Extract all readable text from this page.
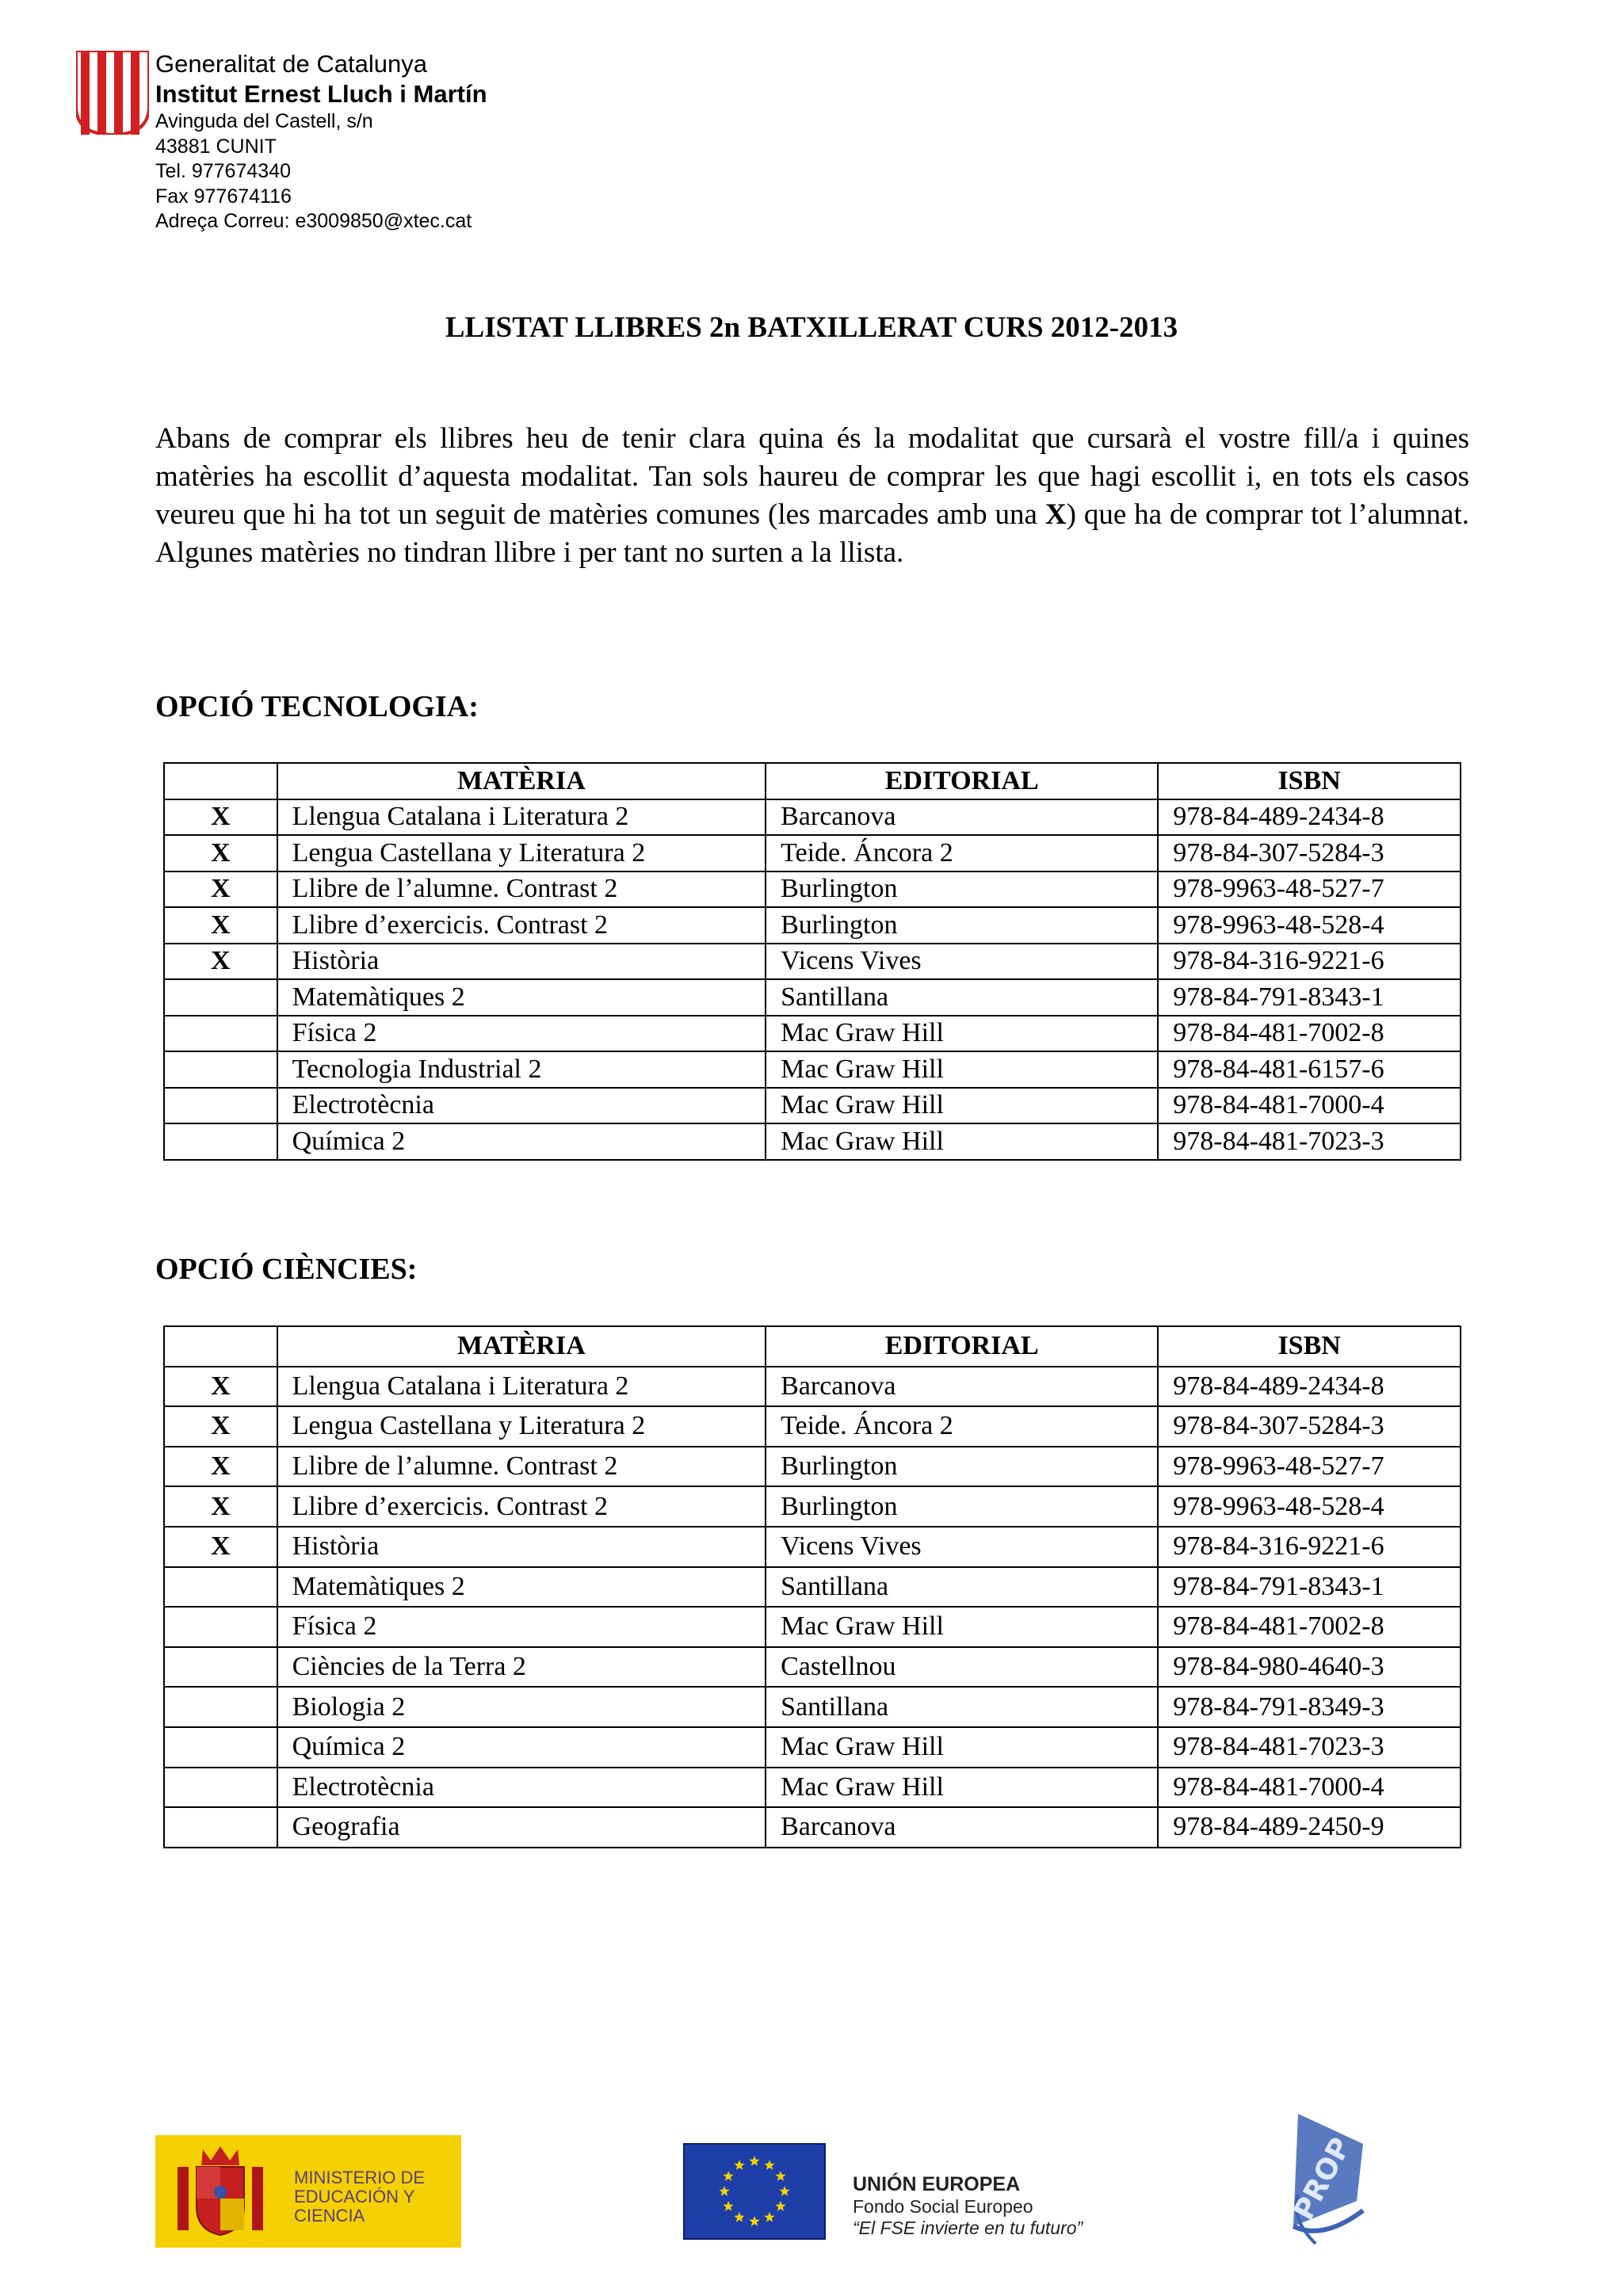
Generalitat de Catalunya
Institut Ernest Lluch i Martín
Avinguda del Castell, s/n
43881 CUNIT
Tel. 977674340
Fax 977674116
Adreça Correu: e3009850@xtec.cat
LLISTAT LLIBRES 2n BATXILLERAT CURS 2012-2013

Abans de comprar els llibres heu de tenir clara quina és la modalitat que cursarà el vostre fill/a i quines matèries ha escollit d’aquesta modalitat. Tan sols haureu de comprar les que hagi escollit i, en tots els casos veureu que hi ha tot un seguit de matèries comunes (les marcades amb una X) que ha de comprar tot l’alumnat. Algunes matèries no tindran llibre i per tant no surten a la llista.

OPCIÓ TECNOLOGIA:
	MATÈRIA	EDITORIAL	ISBN
X	Llengua Catalana i Literatura 2	Barcanova	978-84-489-2434-8
X	Lengua Castellana y Literatura 2	Teide. Áncora 2	978-84-307-5284-3
X	Llibre de l’alumne. Contrast 2	Burlington	978-9963-48-527-7
X	Llibre d’exercicis. Contrast 2	Burlington	978-9963-48-528-4
X	Història	Vicens Vives	978-84-316-9221-6
	Matemàtiques 2	Santillana	978-84-791-8343-1
	Física 2	Mac Graw Hill	978-84-481-7002-8
	Tecnologia Industrial 2	Mac Graw Hill	978-84-481-6157-6
	Electrotècnia	Mac Graw Hill	978-84-481-7000-4
	Química 2	Mac Graw Hill	978-84-481-7023-3
OPCIÓ CIÈNCIES:
	MATÈRIA	EDITORIAL	ISBN
X	Llengua Catalana i Literatura 2	Barcanova	978-84-489-2434-8
X	Lengua Castellana y Literatura 2	Teide. Áncora 2	978-84-307-5284-3
X	Llibre de l’alumne. Contrast 2	Burlington	978-9963-48-527-7
X	Llibre d’exercicis. Contrast 2	Burlington	978-9963-48-528-4
X	Història	Vicens Vives	978-84-316-9221-6
	Matemàtiques 2	Santillana	978-84-791-8343-1
	Física 2	Mac Graw Hill	978-84-481-7002-8
	Ciències de la Terra 2	Castellnou	978-84-980-4640-3
	Biologia 2	Santillana	978-84-791-8349-3
	Química 2	Mac Graw Hill	978-84-481-7023-3
	Electrotècnia	Mac Graw Hill	978-84-481-7000-4
	Geografia	Barcanova	978-84-489-2450-9
MINISTERIO DE EDUCACIÓN Y CIENCIA
UNIÓN EUROPEA
Fondo Social Europeo
“El FSE invierte en tu futuro”
PROP
